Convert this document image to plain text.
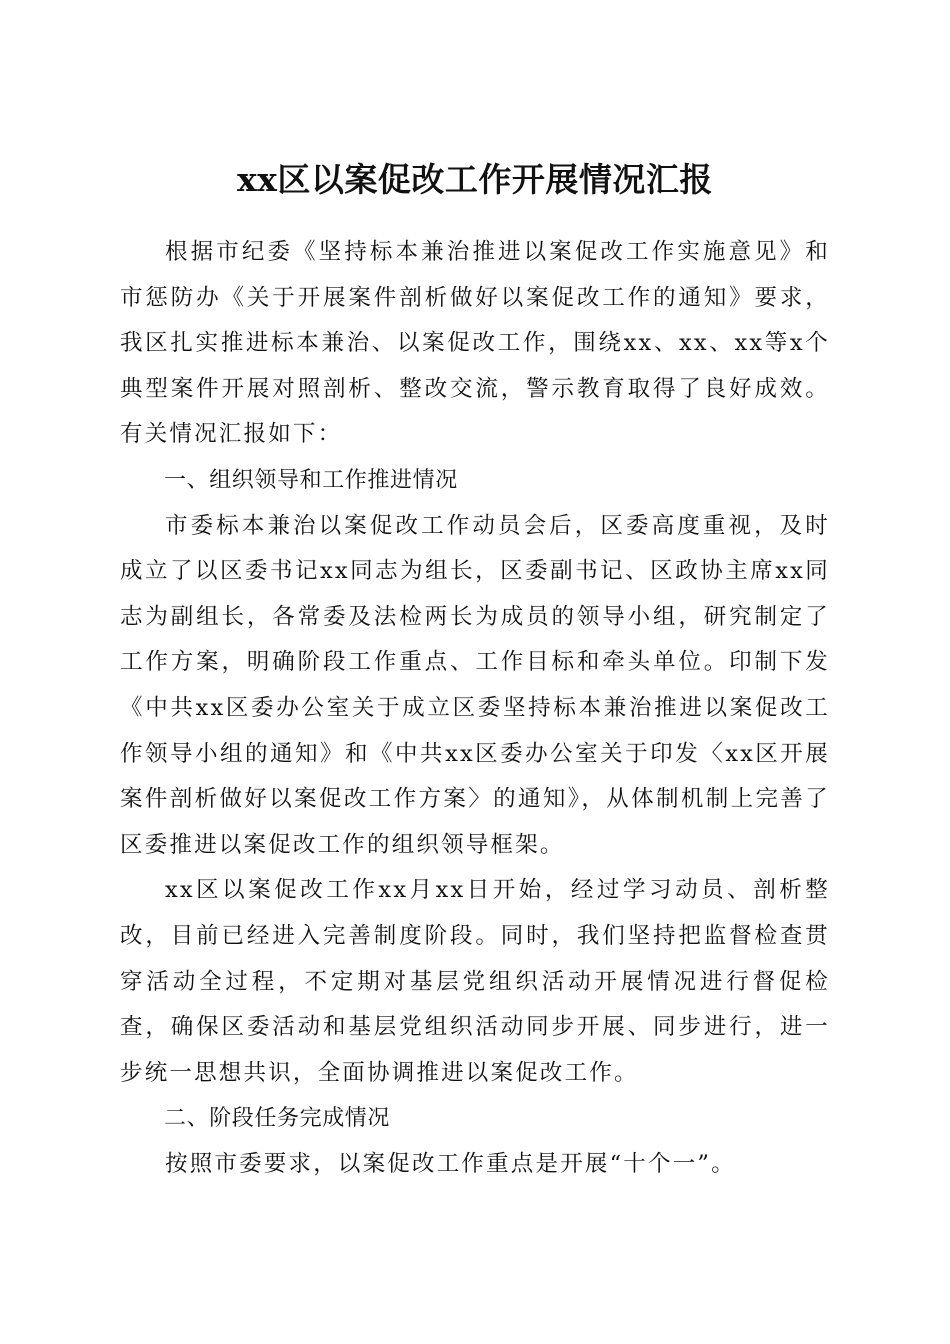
xx区以案促改工作开展情况汇报

根据市纪委《坚持标本兼治推进以案促改工作实施意见》和市惩防办《关于开展案件剖析做好以案促改工作的通知》要求，我区扎实推进标本兼治、以案促改工作，围绕xx、xx、xx等x个典型案件开展对照剖析、整改交流，警示教育取得了良好成效。有关情况汇报如下：

一、组织领导和工作推进情况

市委标本兼治以案促改工作动员会后，区委高度重视，及时成立了以区委书记xx同志为组长，区委副书记、区政协主席xx同志为副组长，各常委及法检两长为成员的领导小组，研究制定了工作方案，明确阶段工作重点、工作目标和牵头单位。印制下发《中共xx区委办公室关于成立区委坚持标本兼治推进以案促改工作领导小组的通知》和《中共xx区委办公室关于印发〈xx区开展案件剖析做好以案促改工作方案〉的通知》，从体制机制上完善了区委推进以案促改工作的组织领导框架。

xx区以案促改工作xx月xx日开始，经过学习动员、剖析整改，目前已经进入完善制度阶段。同时，我们坚持把监督检查贯穿活动全过程，不定期对基层党组织活动开展情况进行督促检查，确保区委活动和基层党组织活动同步开展、同步进行，进一步统一思想共识，全面协调推进以案促改工作。

二、阶段任务完成情况

按照市委要求，以案促改工作重点是开展“十个一”。
